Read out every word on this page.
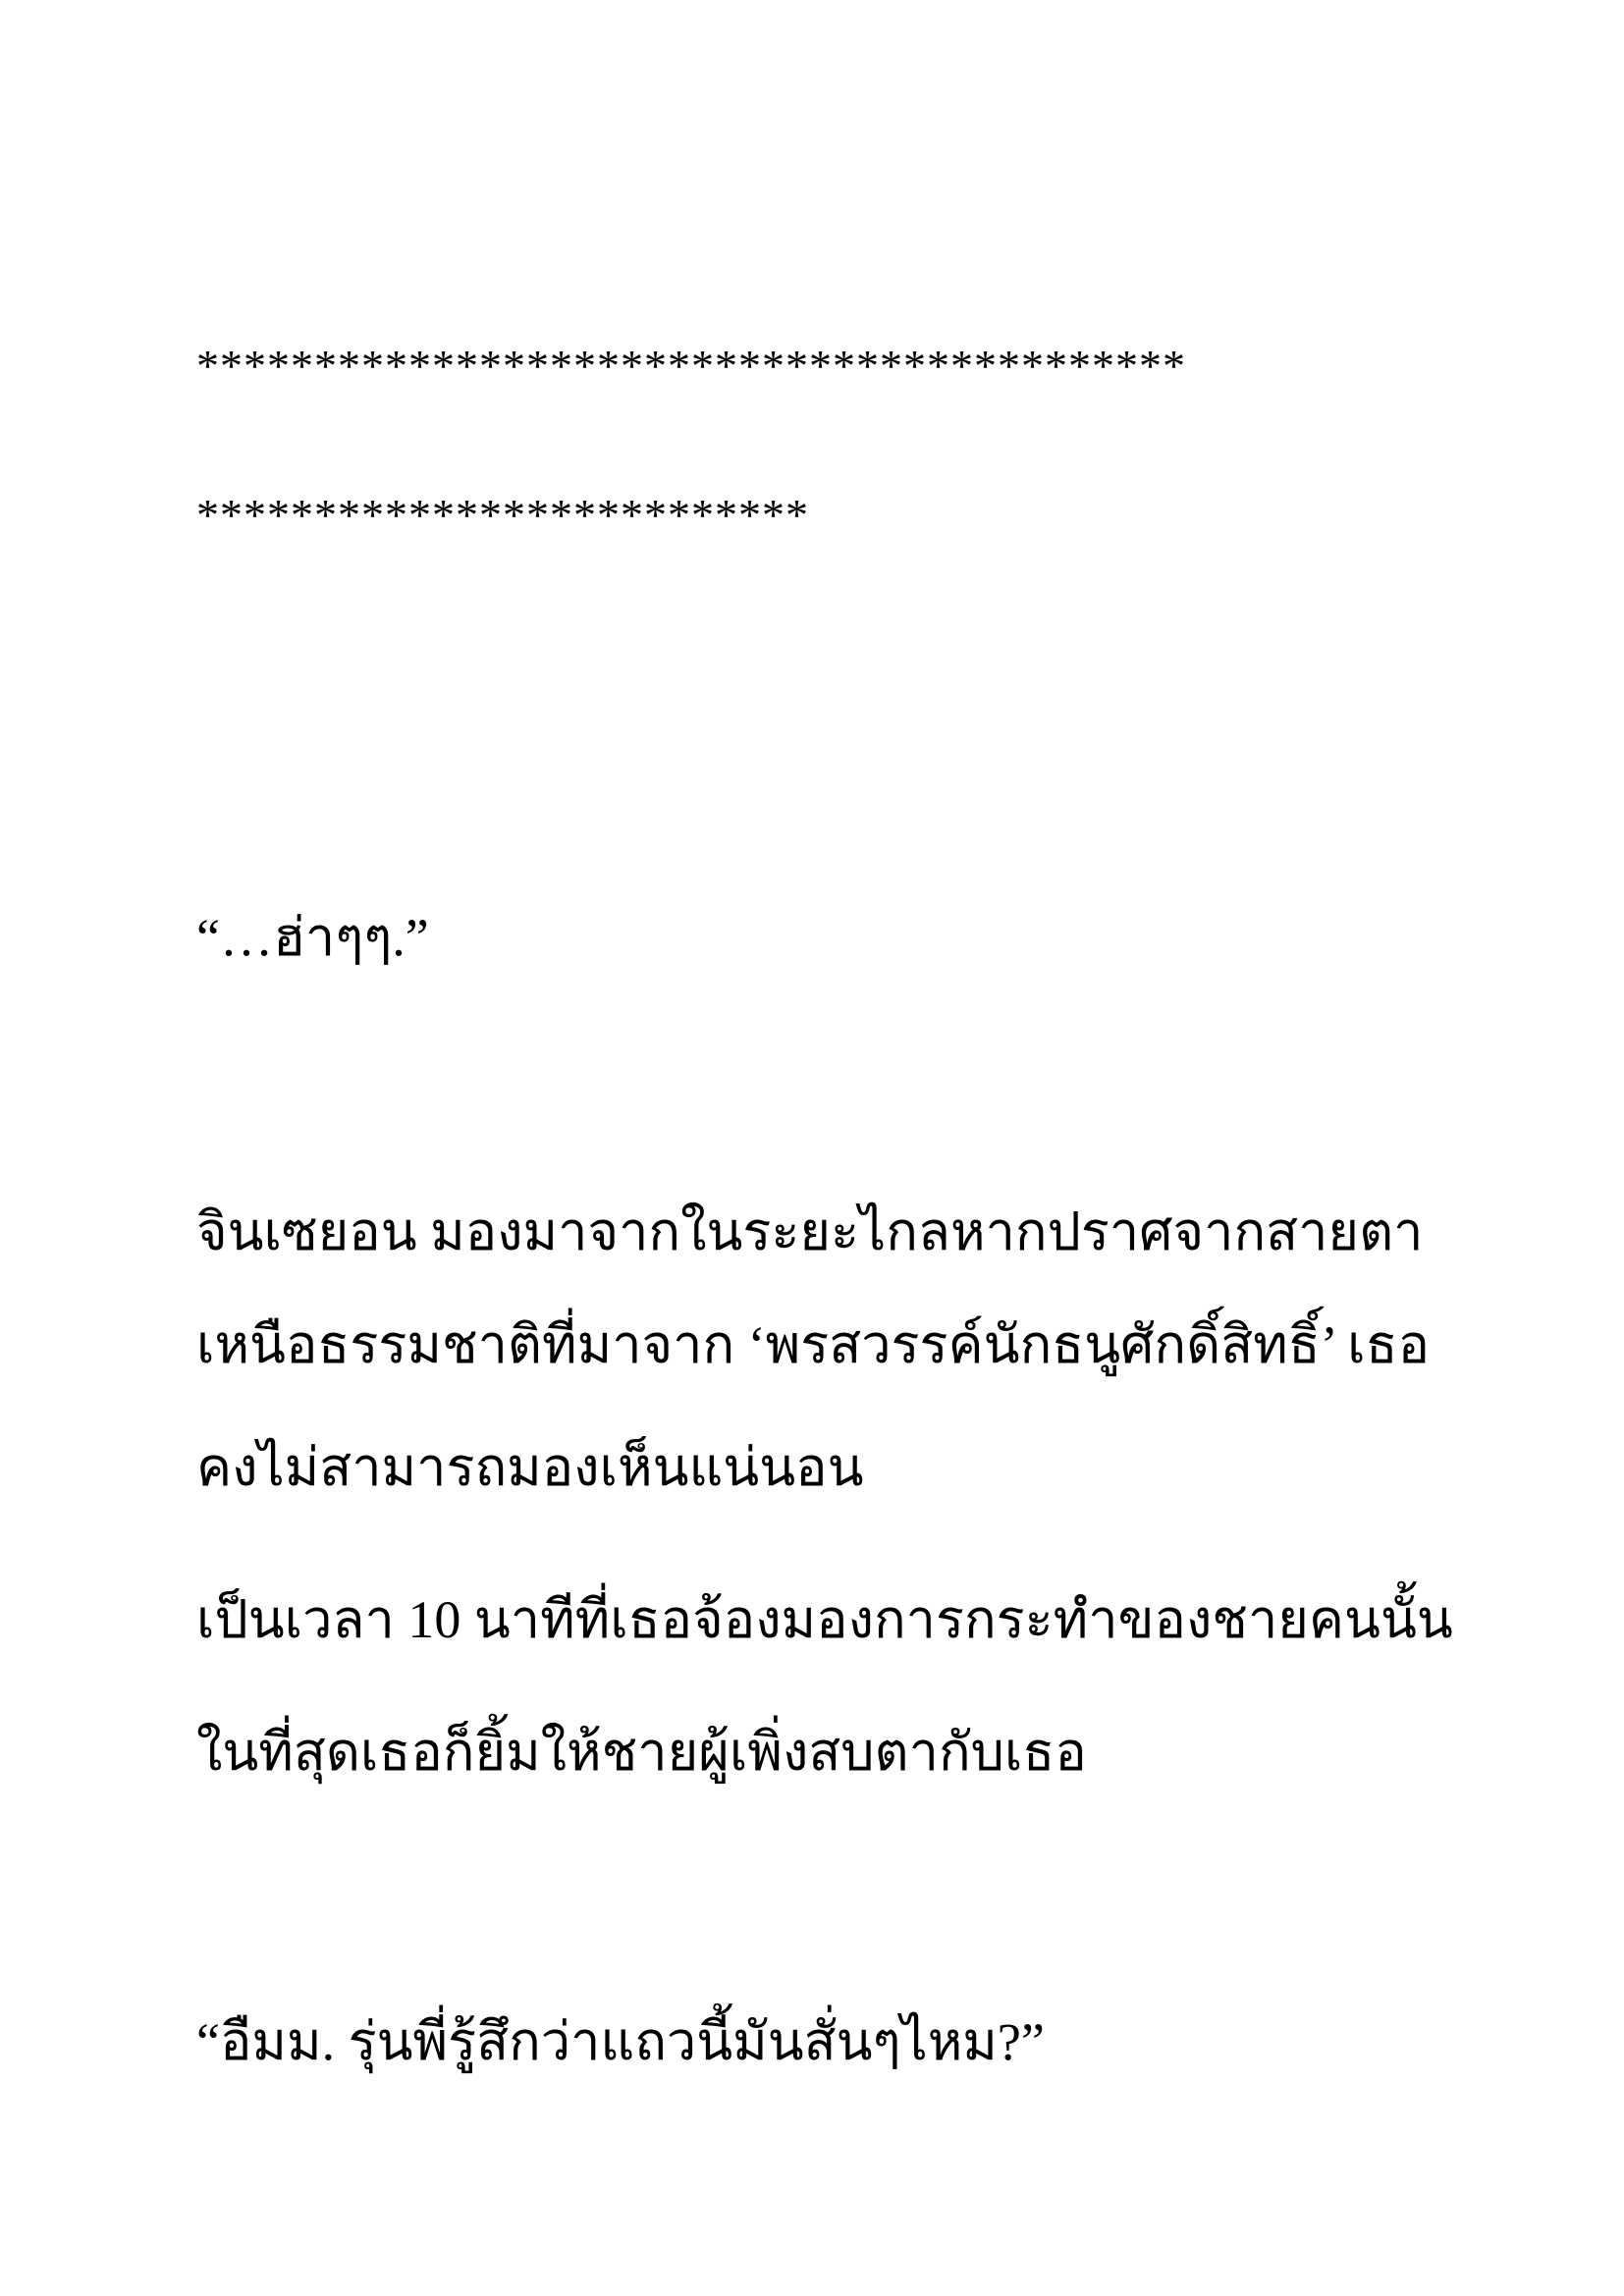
******************************************
**************************
“…ฮ่าๆๆ.”
จินเซยอน มองมาจากในระยะไกลหากปราศจากสายตา
เหนือธรรมชาติที่มาจาก ‘พรสวรรค์นักธนูศักดิ์สิทธิ์’ เธอ
คงไม่สามารถมองเห็นแน่นอน
เป็นเวลา 10 นาทีที่เธอจ้องมองการกระทำของชายคนนั้น
ในที่สุดเธอก็ยิ้มให้ชายผู้เพิ่งสบตากับเธอ
“อืมม. รุ่นพี่รู้สึกว่าแถวนี้มันสั่นๆไหม?”
